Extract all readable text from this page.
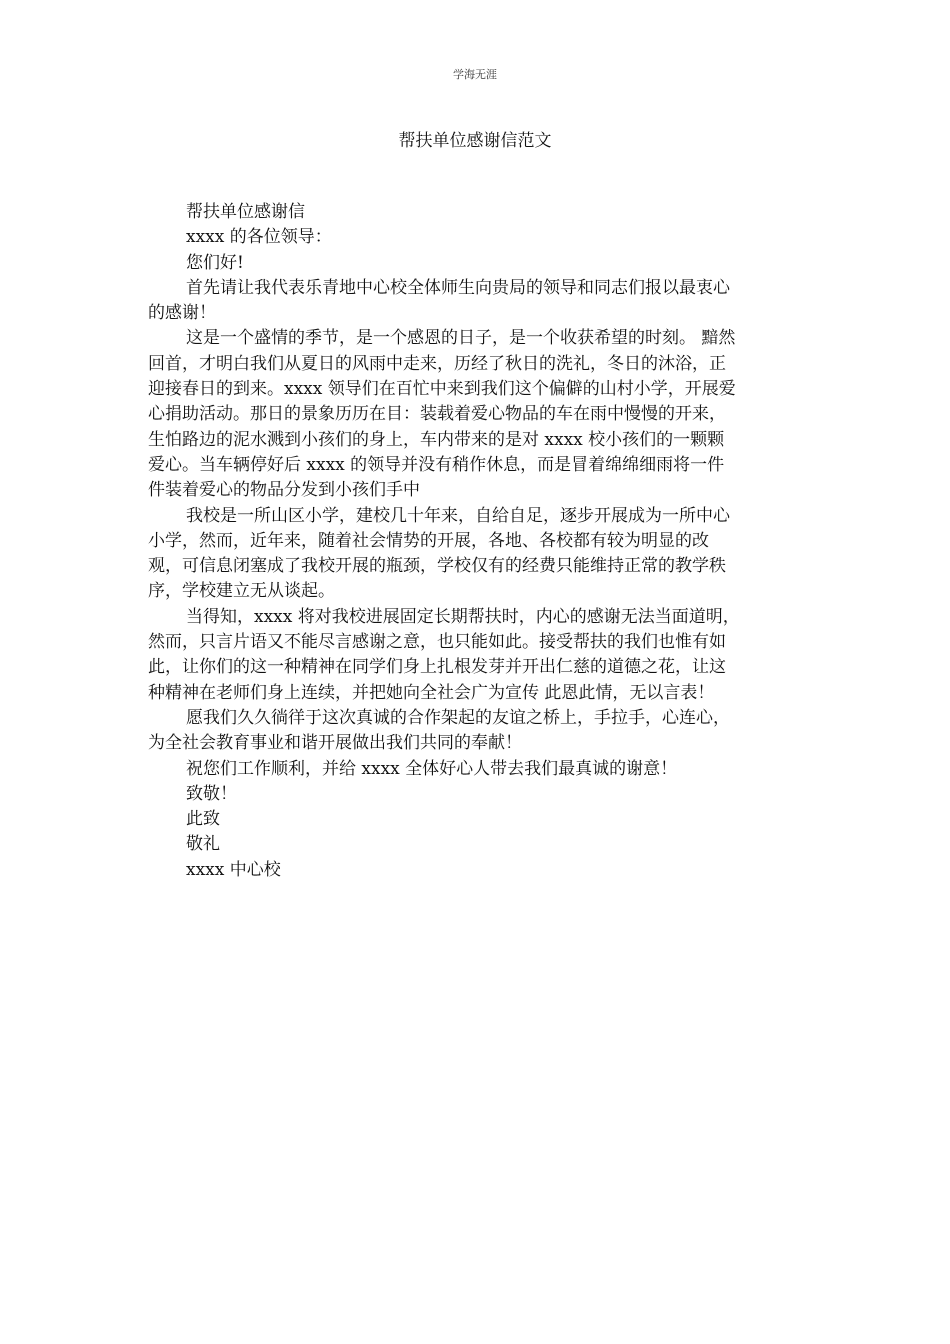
学海无涯
帮扶单位感谢信范文
帮扶单位感谢信
xxxx 的各位领导：
您们好!
首先请让我代表乐青地中心校全体师生向贵局的领导和同志们报以最衷心
的感谢！
这是一个盛情的季节，是一个感恩的日子，是一个收获希望的时刻。 黯然
回首，才明白我们从夏日的风雨中走来，历经了秋日的洗礼，冬日的沐浴，正
迎接春日的到来。xxxx 领导们在百忙中来到我们这个偏僻的山村小学，开展爱
心捐助活动。那日的景象历历在目：装载着爱心物品的车在雨中慢慢的开来，
生怕路边的泥水溅到小孩们的身上，车内带来的是对 xxxx 校小孩们的一颗颗
爱心。当车辆停好后 xxxx 的领导并没有稍作休息，而是冒着绵绵细雨将一件
件装着爱心的物品分发到小孩们手中
我校是一所山区小学，建校几十年来，自给自足，逐步开展成为一所中心
小学，然而，近年来，随着社会情势的开展，各地、各校都有较为明显的改
观，可信息闭塞成了我校开展的瓶颈，学校仅有的经费只能维持正常的教学秩
序，学校建立无从谈起。
当得知，xxxx 将对我校进展固定长期帮扶时，内心的感谢无法当面道明，
然而，只言片语又不能尽言感谢之意，也只能如此。接受帮扶的我们也惟有如
此，让你们的这一种精神在同学们身上扎根发芽并开出仁慈的道德之花，让这
种精神在老师们身上连续，并把她向全社会广为宣传 此恩此情，无以言表！
愿我们久久徜徉于这次真诚的合作架起的友谊之桥上，手拉手，心连心，
为全社会教育事业和谐开展做出我们共同的奉献！
祝您们工作顺利，并给 xxxx 全体好心人带去我们最真诚的谢意！
致敬！
此致
敬礼
xxxx 中心校
